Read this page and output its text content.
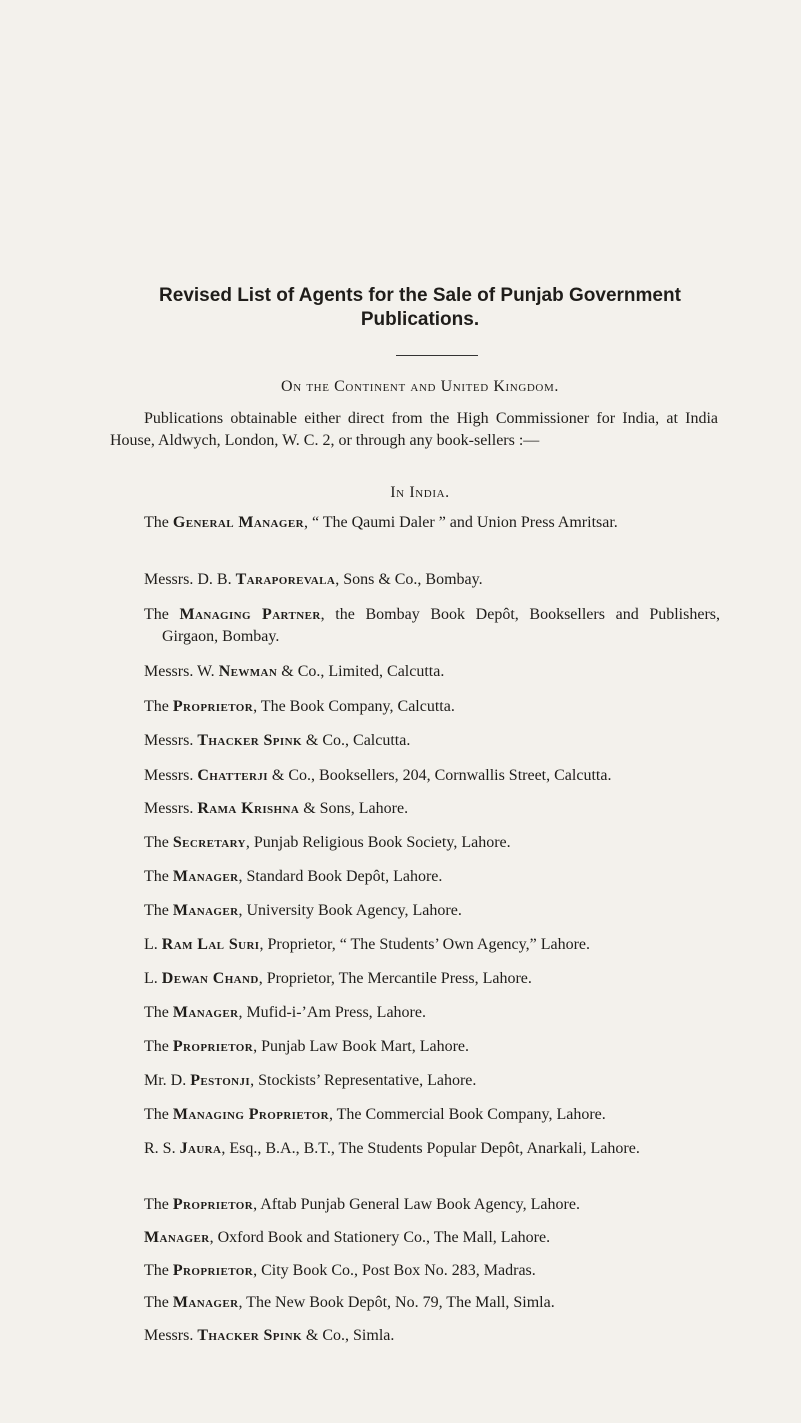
Revised List of Agents for the Sale of Punjab Government
Publications.
On the Continent and United Kingdom.
Publications obtainable either direct from the High Commissioner for India, at India House, Aldwych, London, W. C. 2, or through any book-sellers :—
In India.
The General Manager, “ The Qaumi Daler ” and Union Press Amritsar.
Messrs. D. B. Taraporevala, Sons & Co., Bombay.
The Managing Partner, the Bombay Book Depôt, Booksellers and Publishers, Girgaon, Bombay.
Messrs. W. Newman & Co., Limited, Calcutta.
The Proprietor, The Book Company, Calcutta.
Messrs. Thacker Spink & Co., Calcutta.
Messrs. Chatterji & Co., Booksellers, 204, Cornwallis Street, Calcutta.
Messrs. Rama Krishna & Sons, Lahore.
The Secretary, Punjab Religious Book Society, Lahore.
The Manager, Standard Book Depôt, Lahore.
The Manager, University Book Agency, Lahore.
L. Ram Lal Suri, Proprietor, “ The Students’ Own Agency,” Lahore.
L. Dewan Chand, Proprietor, The Mercantile Press, Lahore.
The Manager, Mufid-i-’Am Press, Lahore.
The Proprietor, Punjab Law Book Mart, Lahore.
Mr. D. Pestonji, Stockists’ Representative, Lahore.
The Managing Proprietor, The Commercial Book Company, Lahore.
R. S. Jaura, Esq., B.A., B.T., The Students Popular Depôt, Anarkali, Lahore.
The Proprietor, Aftab Punjab General Law Book Agency, Lahore.
Manager, Oxford Book and Stationery Co., The Mall, Lahore.
The Proprietor, City Book Co., Post Box No. 283, Madras.
The Manager, The New Book Depôt, No. 79, The Mall, Simla.
Messrs. Thacker Spink & Co., Simla.
